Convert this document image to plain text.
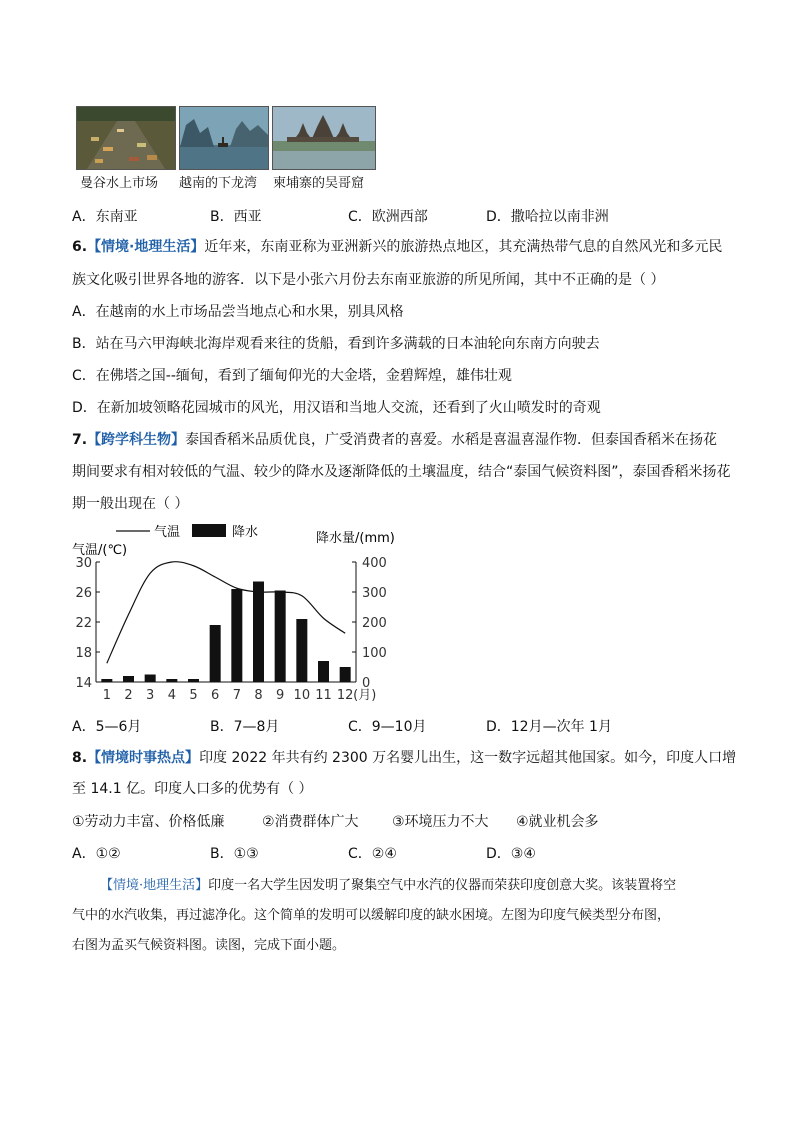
曼谷水上市场 越南的下龙湾 柬埔寨的吴哥窟
A．东南亚	B．西亚	C．欧洲西部	D．撒哈拉以南非洲
6.【情境·地理生活】近年来，东南亚称为亚洲新兴的旅游热点地区，其充满热带气息的自然风光和多元民
族文化吸引世界各地的游客．以下是小张六月份去东南亚旅游的所见所闻，其中不正确的是（ ）
A．在越南的水上市场品尝当地点心和水果，别具风格
B．站在马六甲海峡北海岸观看来往的货船，看到许多满载的日本油轮向东南方向驶去
C．在佛塔之国--缅甸，看到了缅甸仰光的大金塔，金碧辉煌，雄伟壮观
D．在新加坡领略花园城市的风光，用汉语和当地人交流，还看到了火山喷发时的奇观
7.【跨学科生物】泰国香稻米品质优良，广受消费者的喜爱。水稻是喜温喜湿作物．但泰国香稻米在扬花
期间要求有相对较低的气温、较少的降水及逐渐降低的土壤温度，结合“泰国气候资料图”，泰国香稻米扬花
期一般出现在（ ）
气温	降水
气温/(℃)
降水量/(mm)
30
26
22
18
14
400
300
200
100
0
1 2 3 4 5 6 7 8 9 10 11 12 (月)
A．5—6月	B．7—8月	C．9—10月	D．12月—次年 1月
8.【情境时事热点】印度 2022 年共有约 2300 万名婴儿出生，这一数字远超其他国家。如今，印度人口增
至 14.1 亿。印度人口多的优势有（ ）
①劳动力丰富、价格低廉	②消费群体广大 ③环境压力不大 ④就业机会多
A．①②	B．①③	C．②④	D．③④
【情境·地理生活】印度一名大学生因发明了聚集空气中水汽的仪器而荣获印度创意大奖。该装置将空
气中的水汽收集，再过滤净化。这个简单的发明可以缓解印度的缺水困境。左图为印度气候类型分布图，
右图为孟买气候资料图。读图，完成下面小题。
